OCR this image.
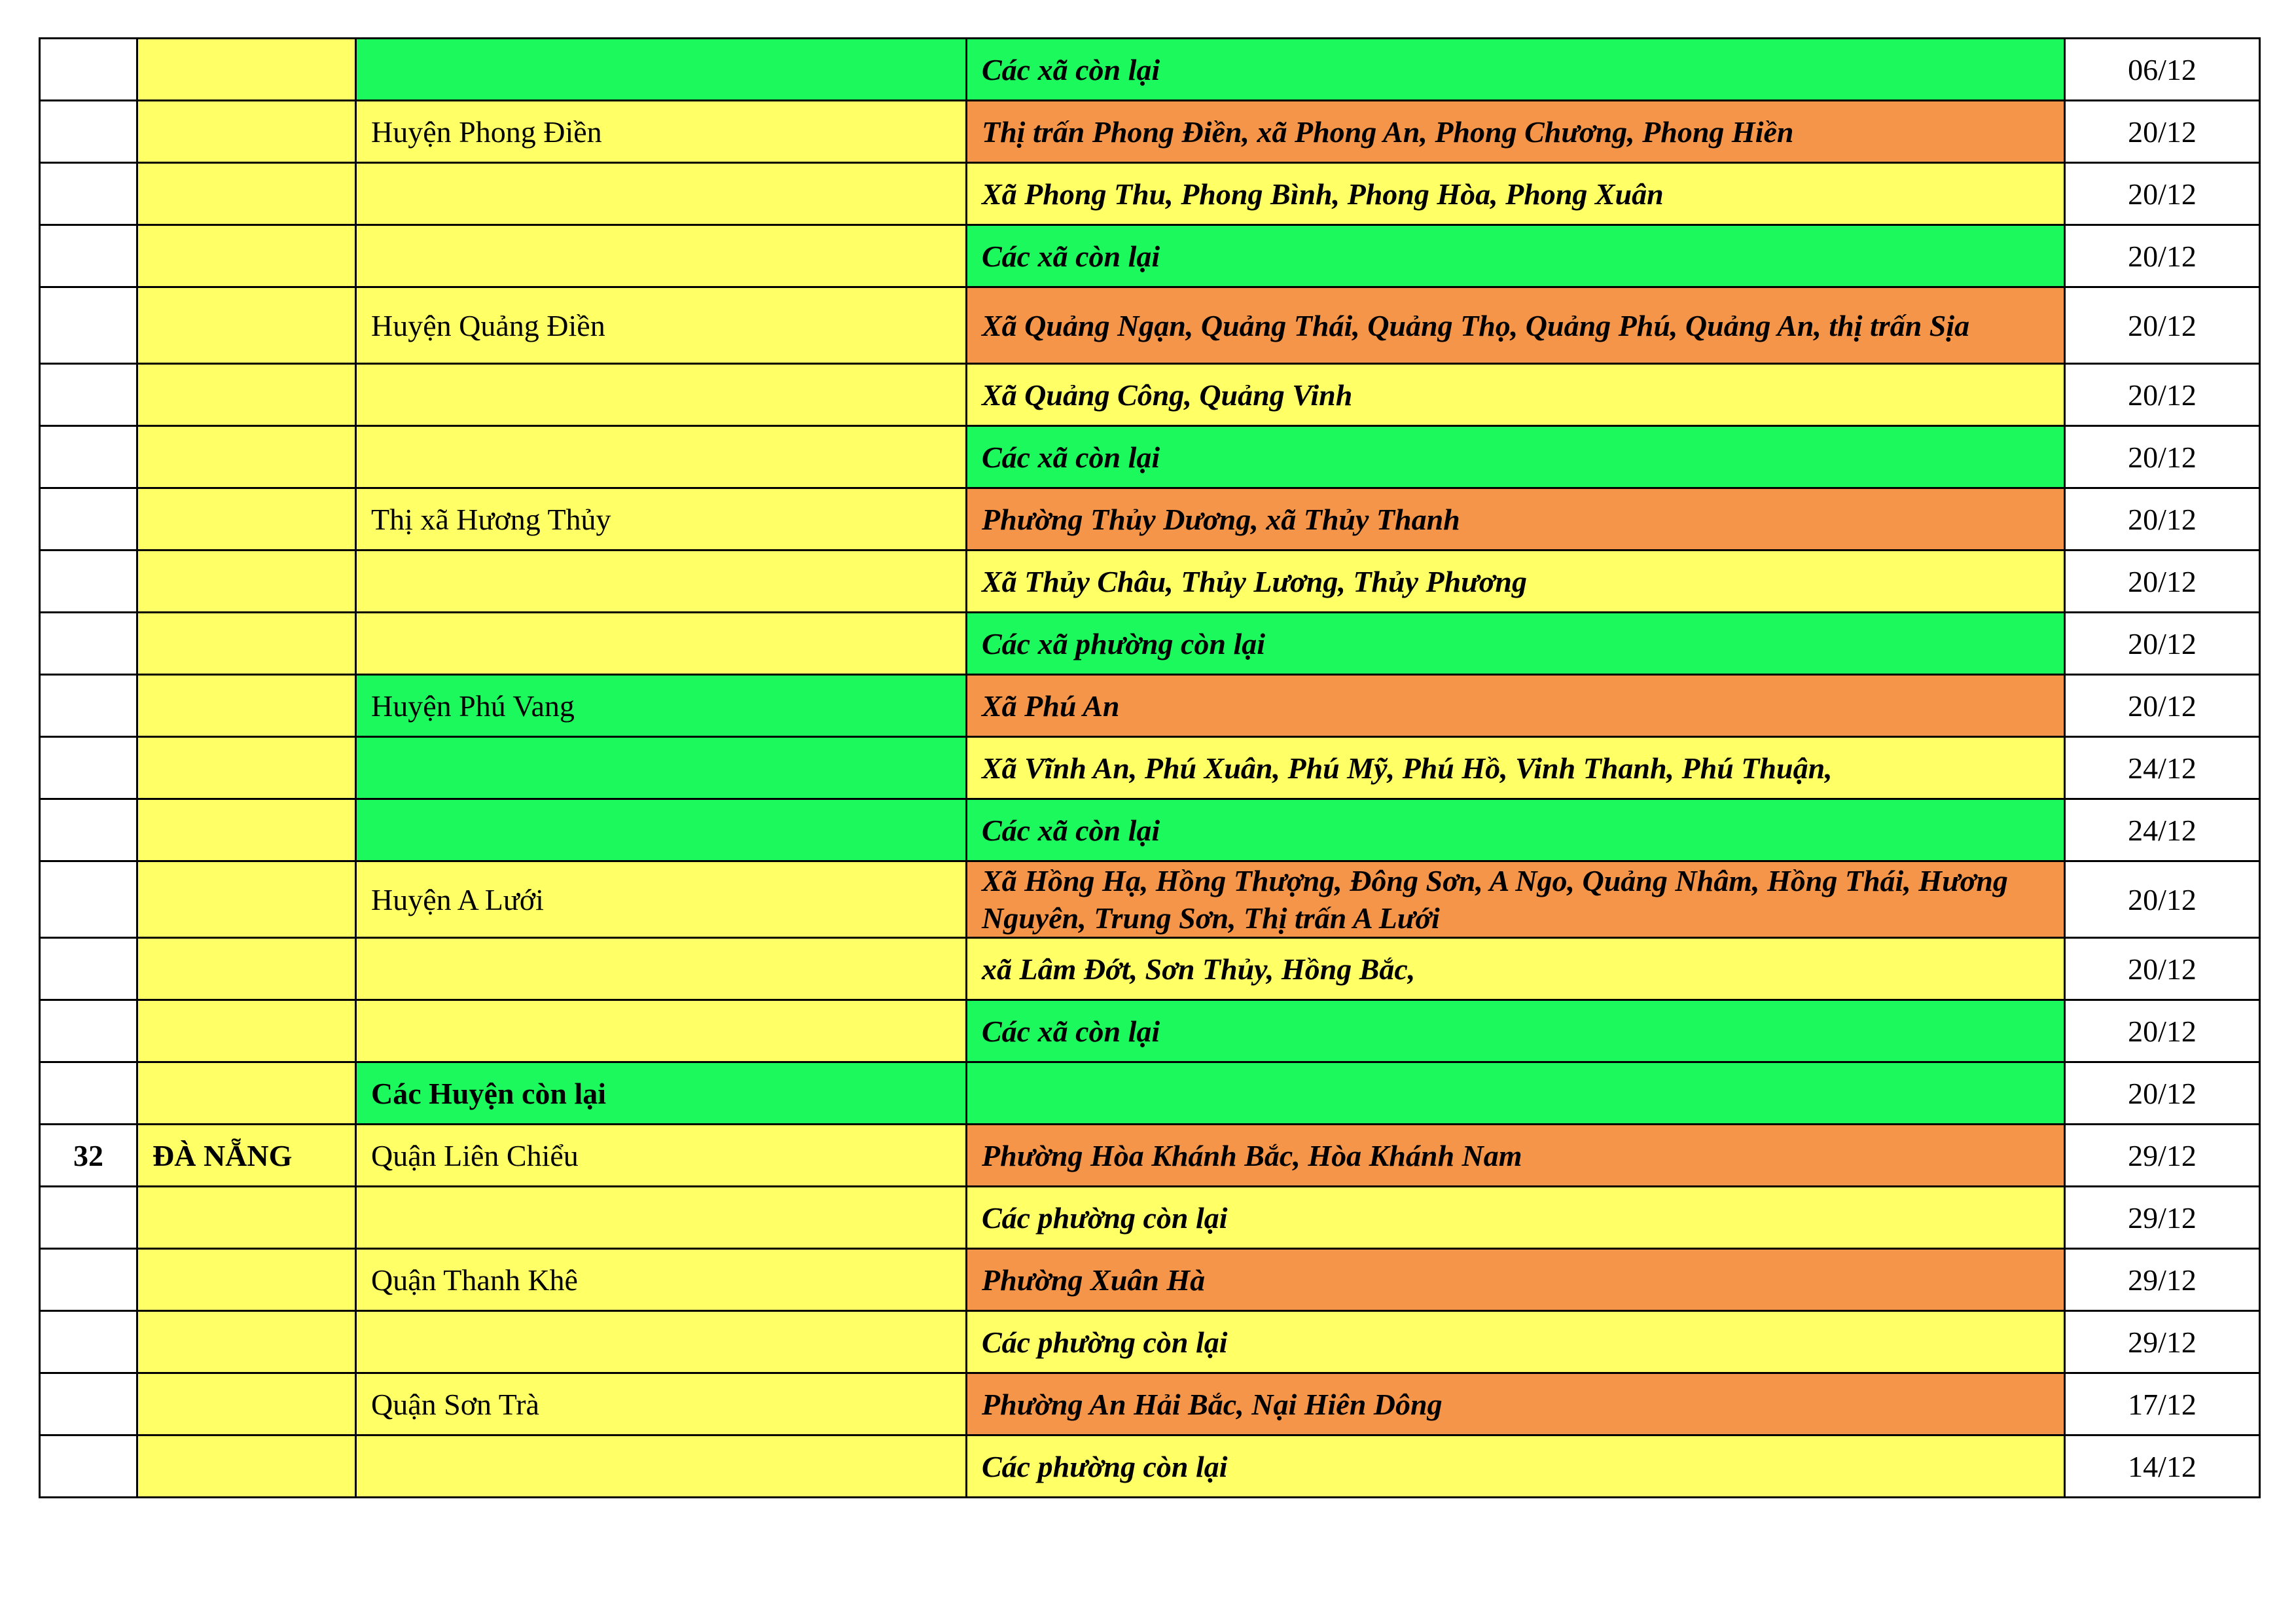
			Các xã còn lại	06/12
		Huyện Phong Điền	Thị trấn Phong Điền, xã Phong An, Phong Chương, Phong Hiền	20/12
			Xã Phong Thu, Phong Bình, Phong Hòa, Phong Xuân	20/12
			Các xã còn lại	20/12
		Huyện Quảng Điền	Xã Quảng Ngạn, Quảng Thái, Quảng Thọ, Quảng Phú, Quảng An, thị trấn Sịa	20/12
			Xã Quảng Công, Quảng Vinh	20/12
			Các xã còn lại	20/12
		Thị xã Hương Thủy	Phường Thủy Dương, xã Thủy Thanh	20/12
			Xã Thủy Châu, Thủy Lương, Thủy Phương	20/12
			Các xã phường còn lại	20/12
		Huyện Phú Vang	Xã Phú An	20/12
			Xã Vĩnh An, Phú Xuân, Phú Mỹ, Phú Hồ, Vinh Thanh, Phú Thuận,	24/12
			Các xã còn lại	24/12
		Huyện A Lưới	Xã Hồng Hạ, Hồng Thượng, Đông Sơn, A Ngo, Quảng Nhâm, Hồng Thái, Hương Nguyên, Trung Sơn, Thị trấn A Lưới	20/12
			xã Lâm Đớt, Sơn Thủy, Hồng Bắc,	20/12
			Các xã còn lại	20/12
		Các Huyện còn lại		20/12
32	ĐÀ NẴNG	Quận Liên Chiểu	Phường Hòa Khánh Bắc, Hòa Khánh Nam	29/12
			Các phường còn lại	29/12
		Quận Thanh Khê	Phường Xuân Hà	29/12
			Các phường còn lại	29/12
		Quận Sơn Trà	Phường An Hải Bắc, Nại Hiên Dông	17/12
			Các phường còn lại	14/12
